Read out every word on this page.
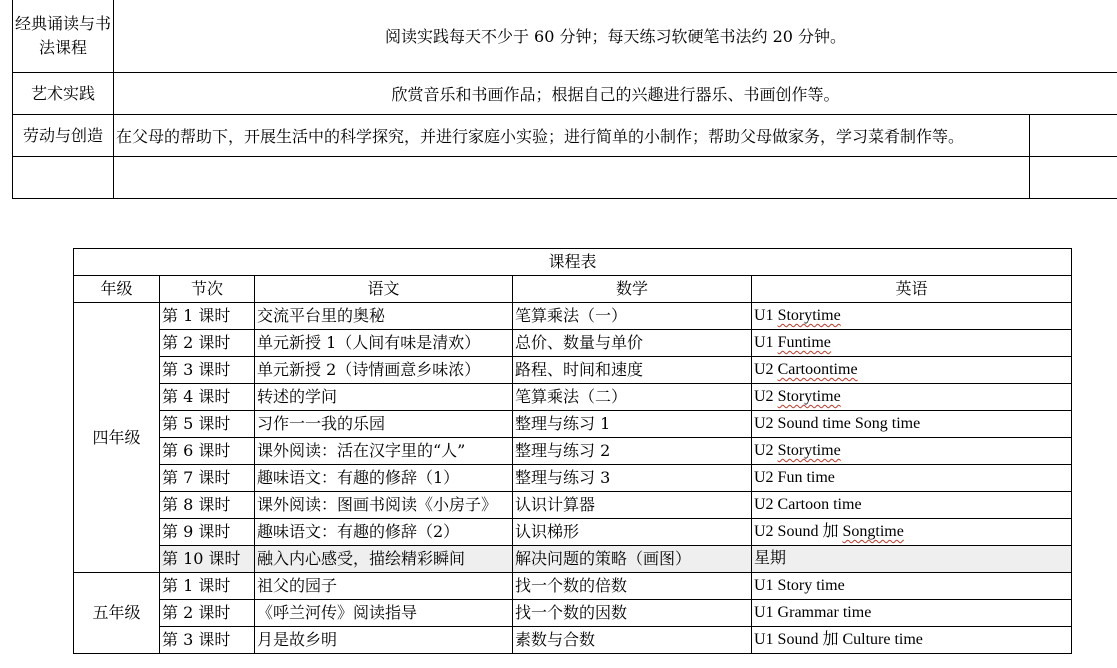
经典诵读与书法课程	阅读实践每天不少于 60 分钟；每天练习软硬笔书法约 20 分钟。	
艺术实践	欣赏音乐和书画作品；根据自己的兴趣进行器乐、书画创作等。	
劳动与创造	在父母的帮助下，开展生活中的科学探究，并进行家庭小实验；进行简单的小制作；帮助父母做家务，学习菜肴制作等。	

课程表				
年级	节次	语文	数学	英语
四年级	第 1 课时	交流平台里的奥秘	笔算乘法（一）	U1 Storytime
	第 2 课时	单元新授 1（人间有味是清欢）	总价、数量与单价	U1 Funtime
	第 3 课时	单元新授 2（诗情画意乡味浓）	路程、时间和速度	U2 Cartoontime
	第 4 课时	转述的学问	笔算乘法（二）	U2 Storytime
	第 5 课时	习作一一我的乐园	整理与练习 1	U2 Sound time Song time
	第 6 课时	课外阅读：活在汉字里的“人”	整理与练习 2	U2 Storytime
	第 7 课时	趣味语文：有趣的修辞（1）	整理与练习 3	U2 Fun time
	第 8 课时	课外阅读：图画书阅读《小房子》	认识计算器	U2 Cartoon time
	第 9 课时	趣味语文：有趣的修辞（2）	认识梯形	U2 Sound 加 Songtime
	第 10 课时	融入内心感受，描绘精彩瞬间	解决问题的策略（画图）	星期
五年级	第 1 课时	祖父的园子	找一个数的倍数	U1 Story time
	第 2 课时	《呼兰河传》阅读指导	找一个数的因数	U1 Grammar time
	第 3 课时	月是故乡明	素数与合数	U1 Sound 加 Culture time
